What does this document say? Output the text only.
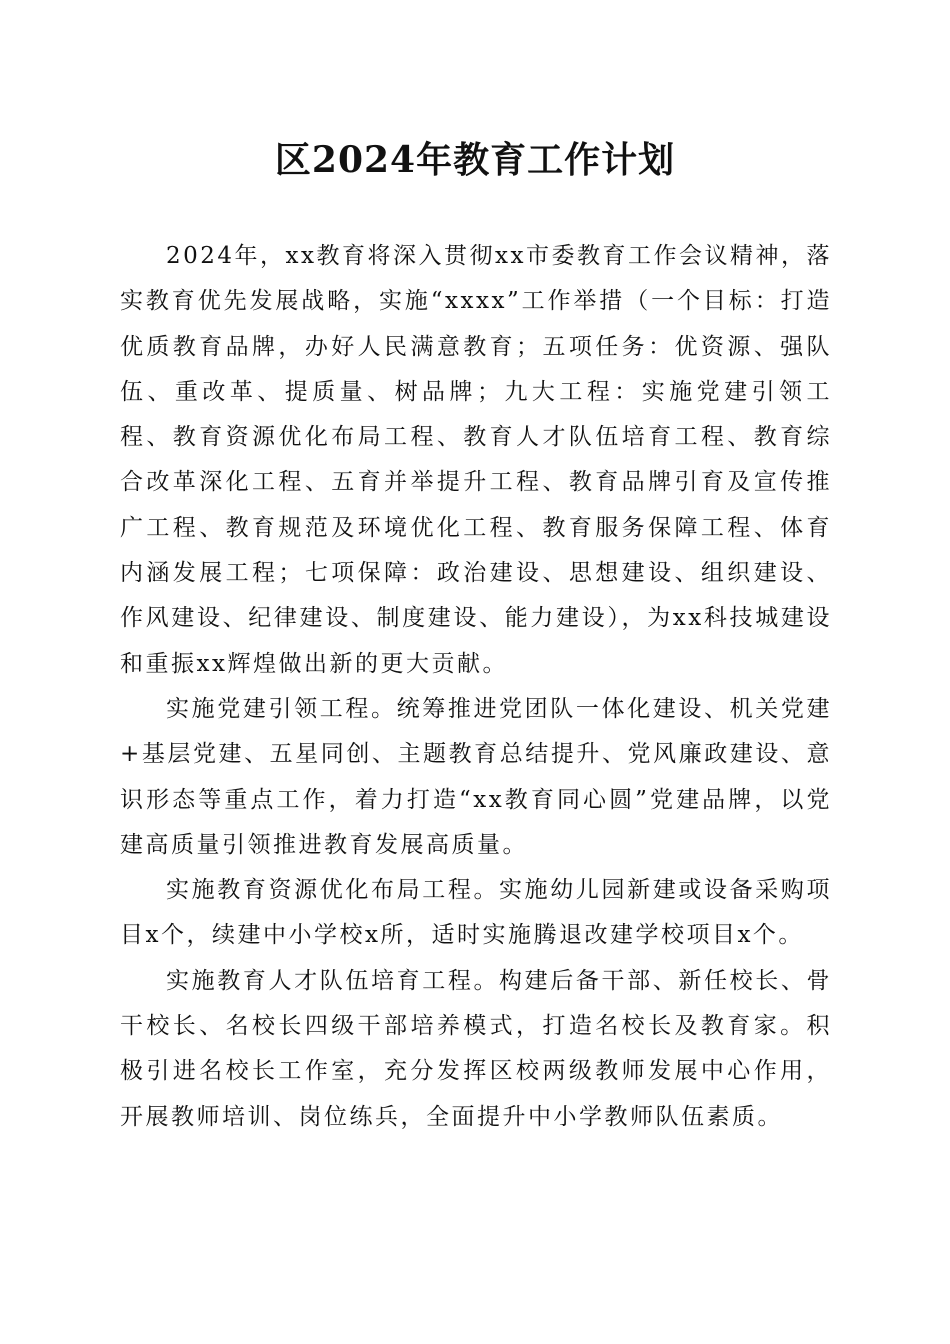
区2024年教育工作计划

2024年，xx教育将深入贯彻xx市委教育工作会议精神，落实教育优先发展战略，实施“xxxx”工作举措（一个目标：打造优质教育品牌，办好人民满意教育；五项任务：优资源、强队伍、重改革、提质量、树品牌；九大工程：实施党建引领工程、教育资源优化布局工程、教育人才队伍培育工程、教育综合改革深化工程、五育并举提升工程、教育品牌引育及宣传推广工程、教育规范及环境优化工程、教育服务保障工程、体育内涵发展工程；七项保障：政治建设、思想建设、组织建设、作风建设、纪律建设、制度建设、能力建设），为xx科技城建设和重振xx辉煌做出新的更大贡献。

实施党建引领工程。统筹推进党团队一体化建设、机关党建+基层党建、五星同创、主题教育总结提升、党风廉政建设、意识形态等重点工作，着力打造“xx教育同心圆”党建品牌，以党建高质量引领推进教育发展高质量。

实施教育资源优化布局工程。实施幼儿园新建或设备采购项目x个，续建中小学校x所，适时实施腾退改建学校项目x个。

实施教育人才队伍培育工程。构建后备干部、新任校长、骨干校长、名校长四级干部培养模式，打造名校长及教育家。积极引进名校长工作室，充分发挥区校两级教师发展中心作用，开展教师培训、岗位练兵，全面提升中小学教师队伍素质。
